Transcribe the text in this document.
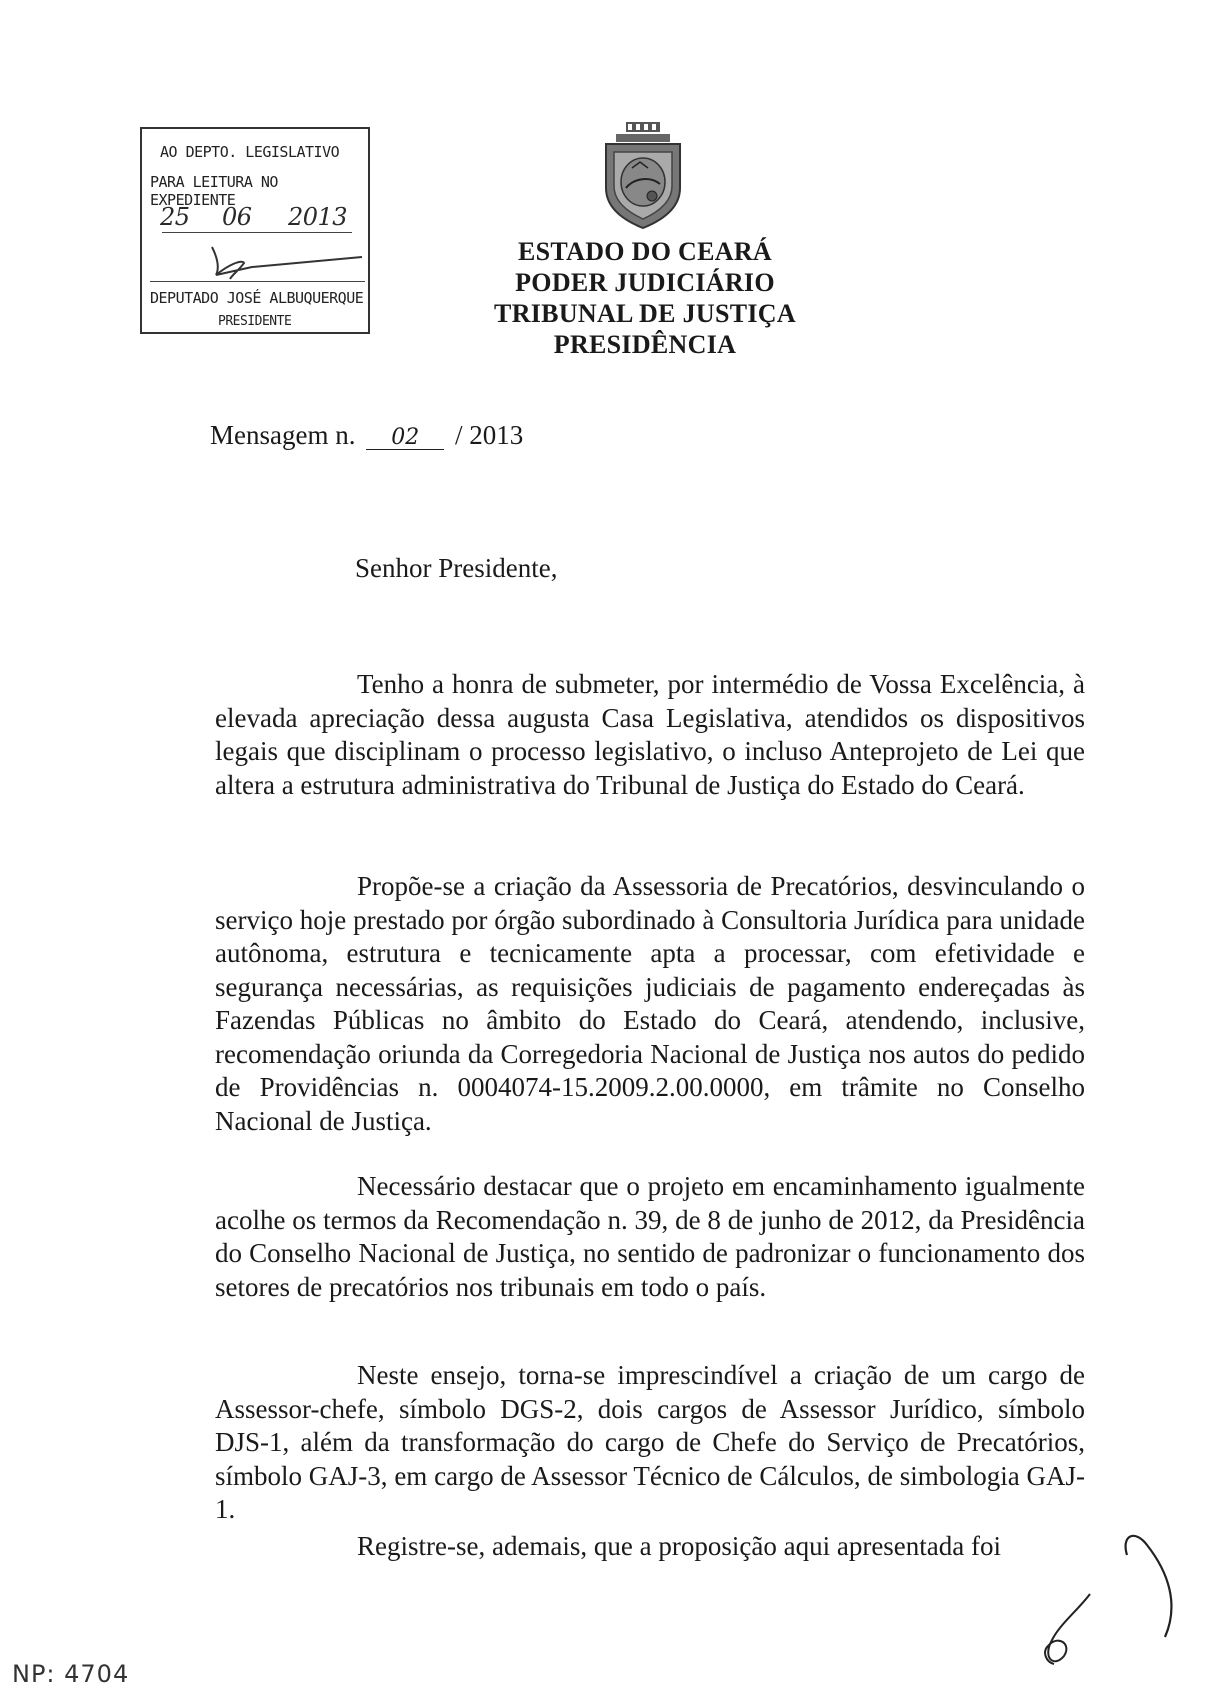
AO DEPTO. LEGISLATIVO
PARA LEITURA NO EXPEDIENTE
25 06 2013
DEPUTADO JOSÉ ALBUQUERQUE
PRESIDENTE
ESTADO DO CEARÁ
PODER JUDICIÁRIO
TRIBUNAL DE JUSTIÇA
PRESIDÊNCIA
Mensagem n. 02 / 2013
Senhor Presidente,

Tenho a honra de submeter, por intermédio de Vossa Excelência, à elevada apreciação dessa augusta Casa Legislativa, atendidos os dispositivos legais que disciplinam o processo legislativo, o incluso Anteprojeto de Lei que altera a estrutura administrativa do Tribunal de Justiça do Estado do Ceará.

Propõe-se a criação da Assessoria de Precatórios, desvinculando o serviço hoje prestado por órgão subordinado à Consultoria Jurídica para unidade autônoma, estrutura e tecnicamente apta a processar, com efetividade e segurança necessárias, as requisições judiciais de pagamento endereçadas às Fazendas Públicas no âmbito do Estado do Ceará, atendendo, inclusive, recomendação oriunda da Corregedoria Nacional de Justiça nos autos do pedido de Providências n. 0004074-15.2009.2.00.0000, em trâmite no Conselho Nacional de Justiça.

Necessário destacar que o projeto em encaminhamento igualmente acolhe os termos da Recomendação n. 39, de 8 de junho de 2012, da Presidência do Conselho Nacional de Justiça, no sentido de padronizar o funcionamento dos setores de precatórios nos tribunais em todo o país.

Neste ensejo, torna-se imprescindível a criação de um cargo de Assessor-chefe, símbolo DGS-2, dois cargos de Assessor Jurídico, símbolo DJS-1, além da transformação do cargo de Chefe do Serviço de Precatórios, símbolo GAJ-3, em cargo de Assessor Técnico de Cálculos, de simbologia GAJ-1.

Registre-se, ademais, que a proposição aqui apresentada foi

NP: 4704
